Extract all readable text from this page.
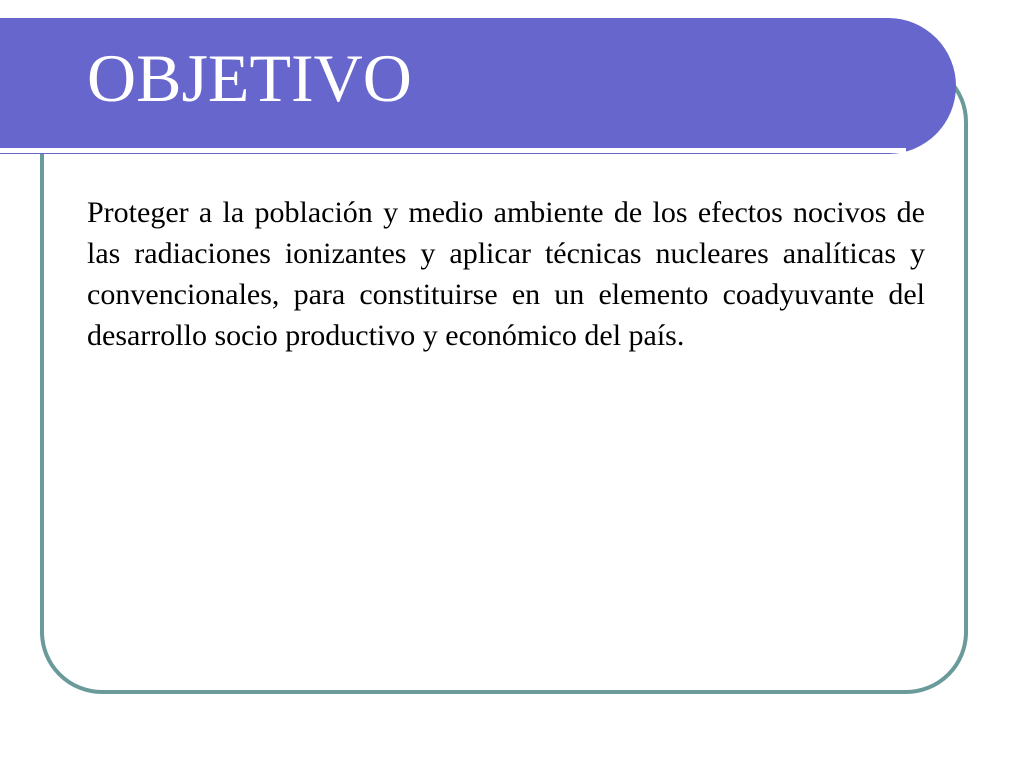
OBJETIVO

Proteger a la población y medio ambiente de los efectos nocivos de las radiaciones ionizantes y aplicar técnicas nucleares analíticas y convencionales, para constituirse en un elemento coadyuvante del desarrollo socio productivo y económico del país.
